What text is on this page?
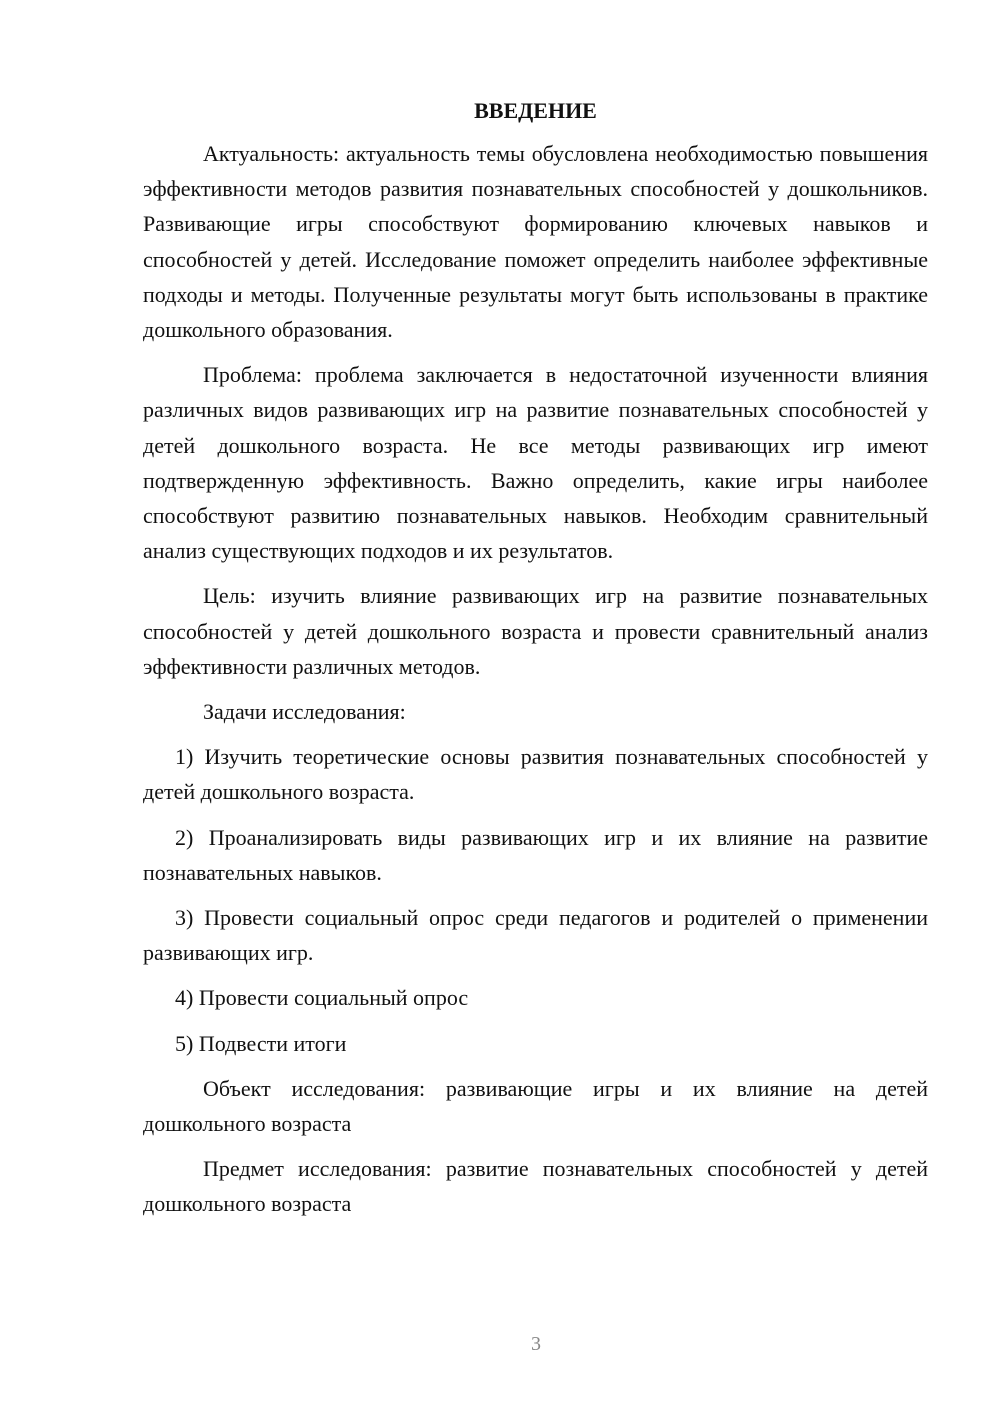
ВВЕДЕНИЕ

Актуальность: актуальность темы обусловлена необходимостью повышения эффективности методов развития познавательных способностей у дошкольников. Развивающие игры способствуют формированию ключевых навыков и способностей у детей. Исследование поможет определить наиболее эффективные подходы и методы. Полученные результаты могут быть использованы в практике дошкольного образования.

Проблема: проблема заключается в недостаточной изученности влияния различных видов развивающих игр на развитие познавательных способностей у детей дошкольного возраста. Не все методы развивающих игр имеют подтвержденную эффективность. Важно определить, какие игры наиболее способствуют развитию познавательных навыков. Необходим сравнительный анализ существующих подходов и их результатов.

Цель: изучить влияние развивающих игр на развитие познавательных способностей у детей дошкольного возраста и провести сравнительный анализ эффективности различных методов.

Задачи исследования:

1) Изучить теоретические основы развития познавательных способностей у детей дошкольного возраста.

2) Проанализировать виды развивающих игр и их влияние на развитие познавательных навыков.

3) Провести социальный опрос среди педагогов и родителей о применении развивающих игр.

4) Провести социальный опрос

5) Подвести итоги

Объект исследования: развивающие игры и их влияние на детей дошкольного возраста

Предмет исследования: развитие познавательных способностей у детей дошкольного возраста

3
